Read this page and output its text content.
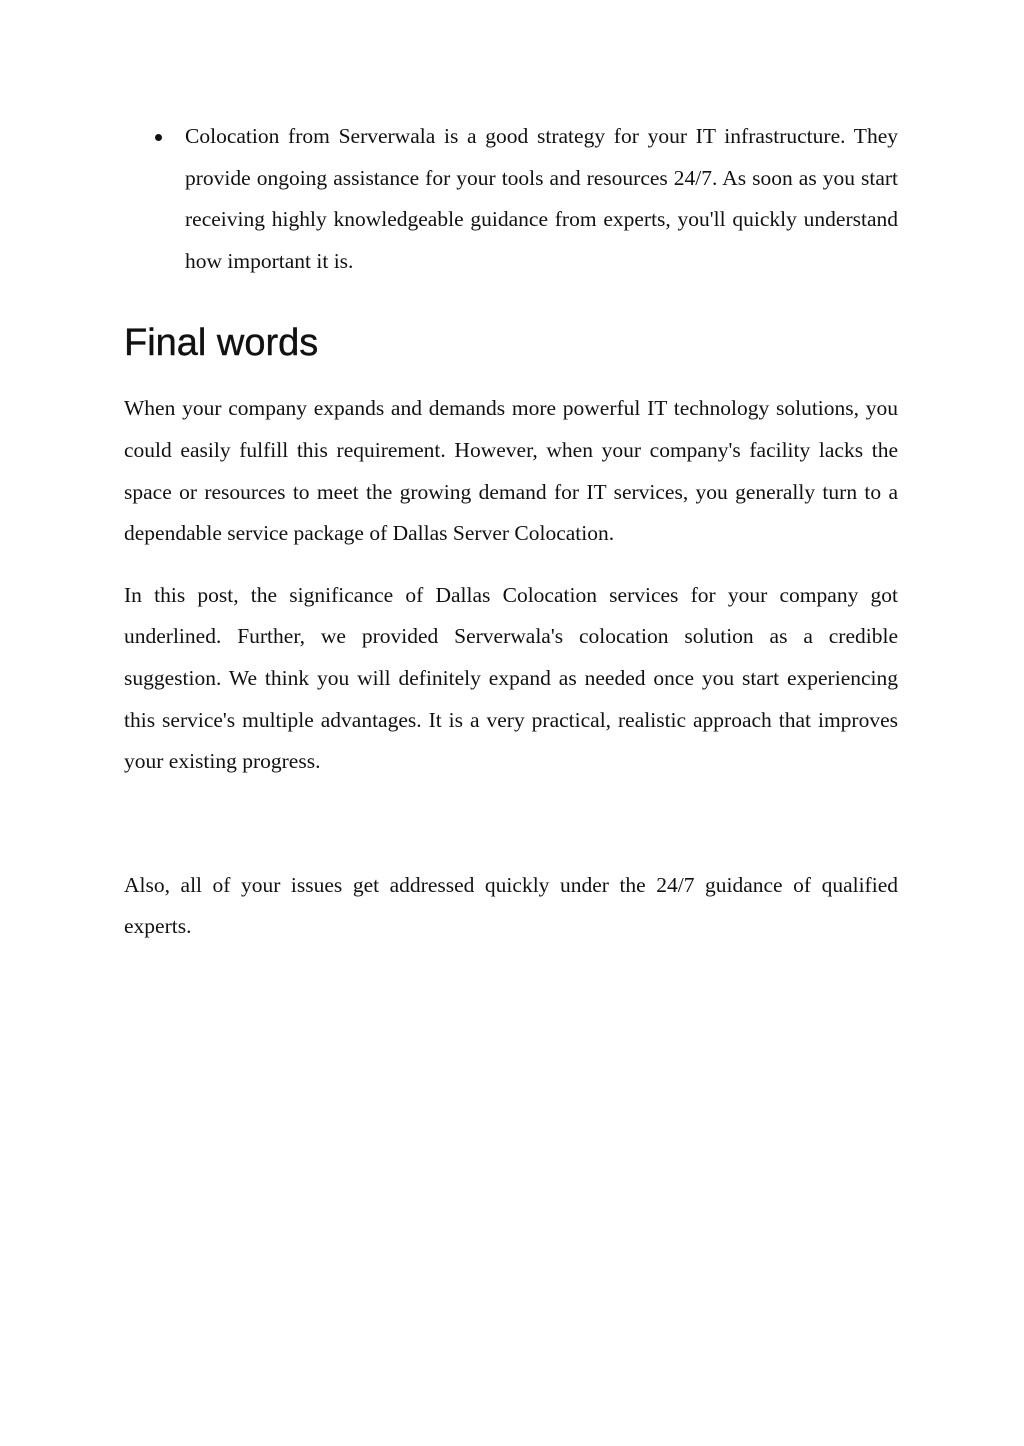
Colocation from Serverwala is a good strategy for your IT infrastructure. They provide ongoing assistance for your tools and resources 24/7. As soon as you start receiving highly knowledgeable guidance from experts, you'll quickly understand how important it is.

Final words

When your company expands and demands more powerful IT technology solutions, you could easily fulfill this requirement. However, when your company's facility lacks the space or resources to meet the growing demand for IT services, you generally turn to a dependable service package of Dallas Server Colocation.

In this post, the significance of Dallas Colocation services for your company got underlined. Further, we provided Serverwala's colocation solution as a credible suggestion. We think you will definitely expand as needed once you start experiencing this service's multiple advantages. It is a very practical, realistic approach that improves your existing progress.

Also, all of your issues get addressed quickly under the 24/7 guidance of qualified experts.
